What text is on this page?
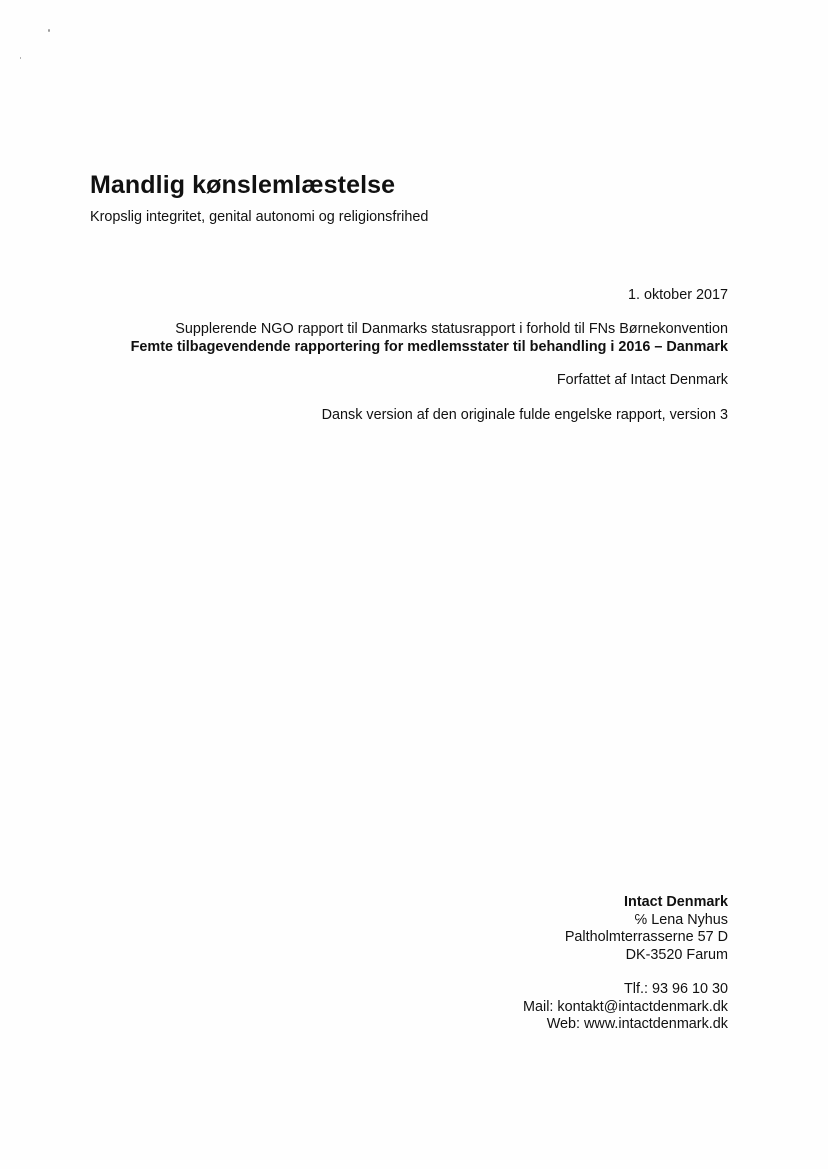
Mandlig kønslemlæstelse

Kropslig integritet, genital autonomi og religionsfrihed

1. oktober 2017

Supplerende NGO rapport til Danmarks statusrapport i forhold til FNs Børnekonvention

Femte tilbagevendende rapportering for medlemsstater til behandling i 2016 – Danmark

Forfattet af Intact Denmark

Dansk version af den originale fulde engelske rapport, version 3

Intact Denmark
℅ Lena Nyhus
Paltholmterrasserne 57 D
DK-3520 Farum
Tlf.: 93 96 10 30
Mail: kontakt@intactdenmark.dk
Web: www.intactdenmark.dk
